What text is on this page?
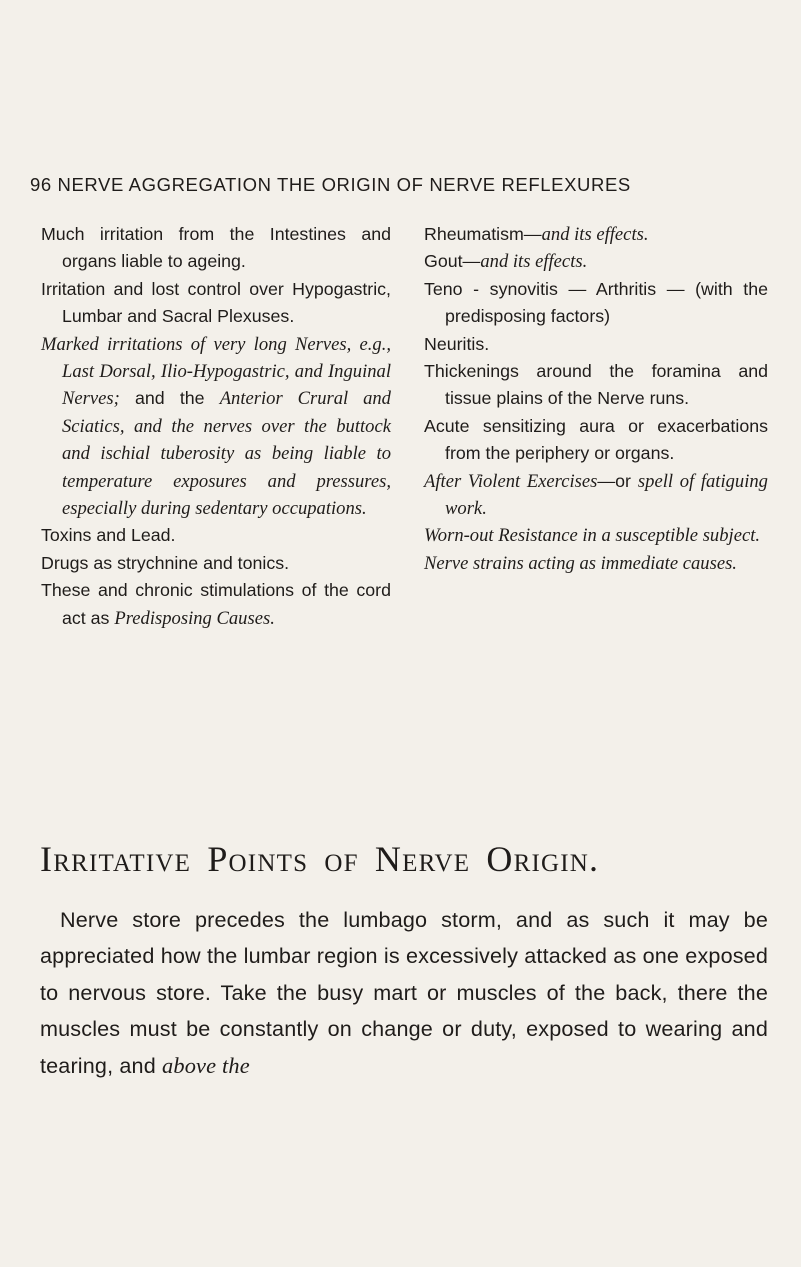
96 NERVE AGGREGATION THE ORIGIN OF NERVE REFLEXURES

Much irritation from the Intestines and organs liable to ageing.

Irritation and lost control over Hypogastric, Lumbar and Sacral Plexuses.

Marked irritations of very long Nerves, e.g., Last Dorsal, Ilio-Hypogastric, and Inguinal Nerves; and the Anterior Crural and Sciatics, and the nerves over the buttock and ischial tuberosity as being liable to temperature exposures and pressures, especially during sedentary occupations.

Toxins and Lead.

Drugs as strychnine and tonics.

These and chronic stimulations of the cord act as Predisposing Causes.

Rheumatism—and its effects.

Gout—and its effects.

Teno - synovitis — Arthritis — (with the predisposing factors)

Neuritis.

Thickenings around the foramina and tissue plains of the Nerve runs.

Acute sensitizing aura or exacerbations from the periphery or organs.

After Violent Exercises—or spell of fatiguing work.

Worn-out Resistance in a susceptible subject.

Nerve strains acting as immediate causes.

Irritative Points of Nerve Origin.

Nerve store precedes the lumbago storm, and as such it may be appreciated how the lumbar region is excessively attacked as one exposed to nervous store. Take the busy mart or muscles of the back, there the muscles must be constantly on change or duty, exposed to wearing and tearing, and above the
